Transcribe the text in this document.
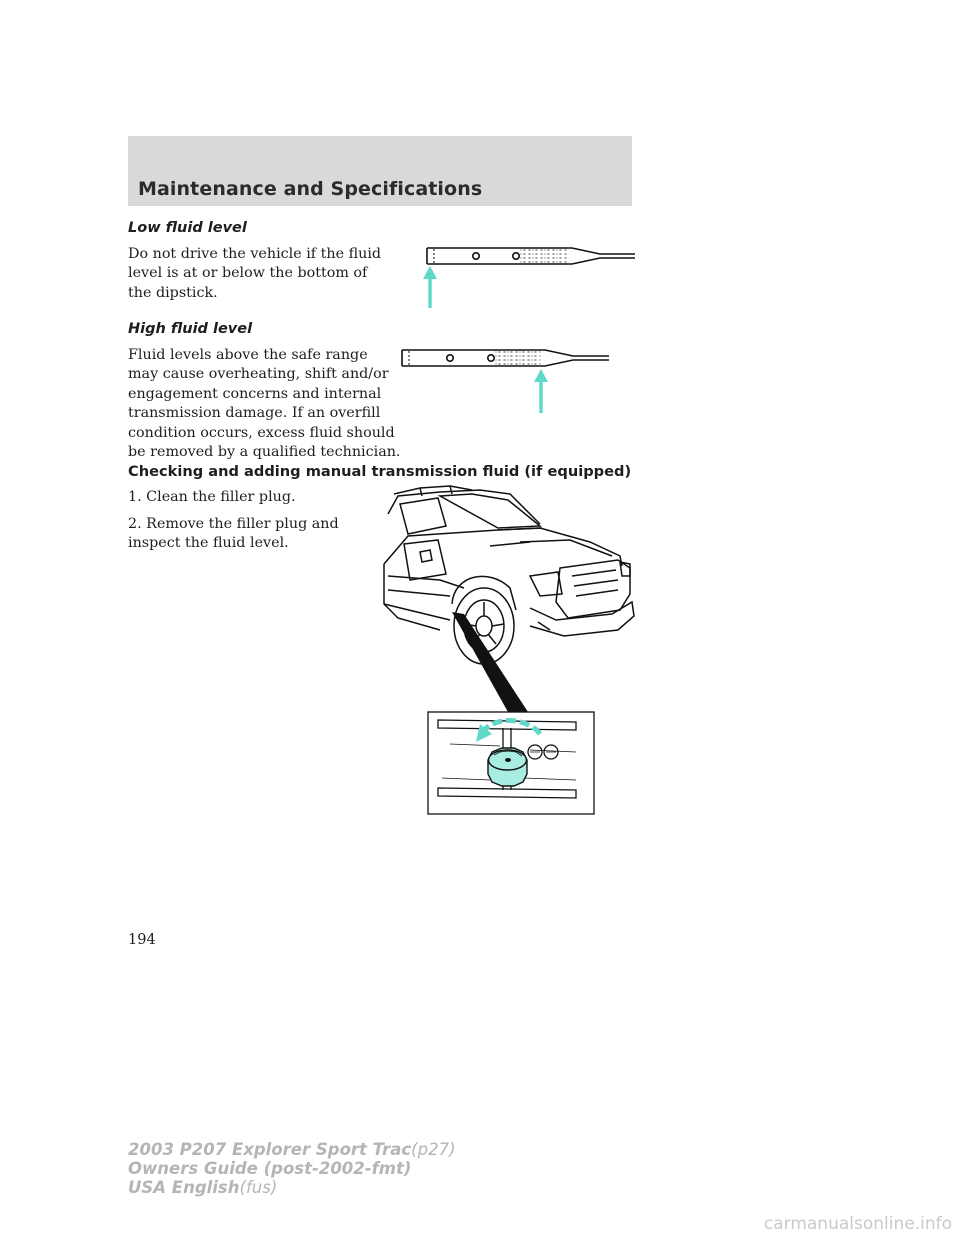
Maintenance and Specifications
Low fluid level
Do not drive the vehicle if the fluid
level is at or below the bottom of
the dipstick.
High fluid level
Fluid levels above the safe range
may cause overheating, shift and/or
engagement concerns and internal
transmission damage. If an overfill
condition occurs, excess fluid should
be removed by a qualified technician.
Checking and adding manual transmission fluid (if equipped)
1. Clean the filler plug.
2. Remove the filler plug and
inspect the fluid level.
194
2003 P207 Explorer Sport Trac(p27)
Owners Guide (post-2002-fmt)
USA English(fus)
carmanualsonline.info
